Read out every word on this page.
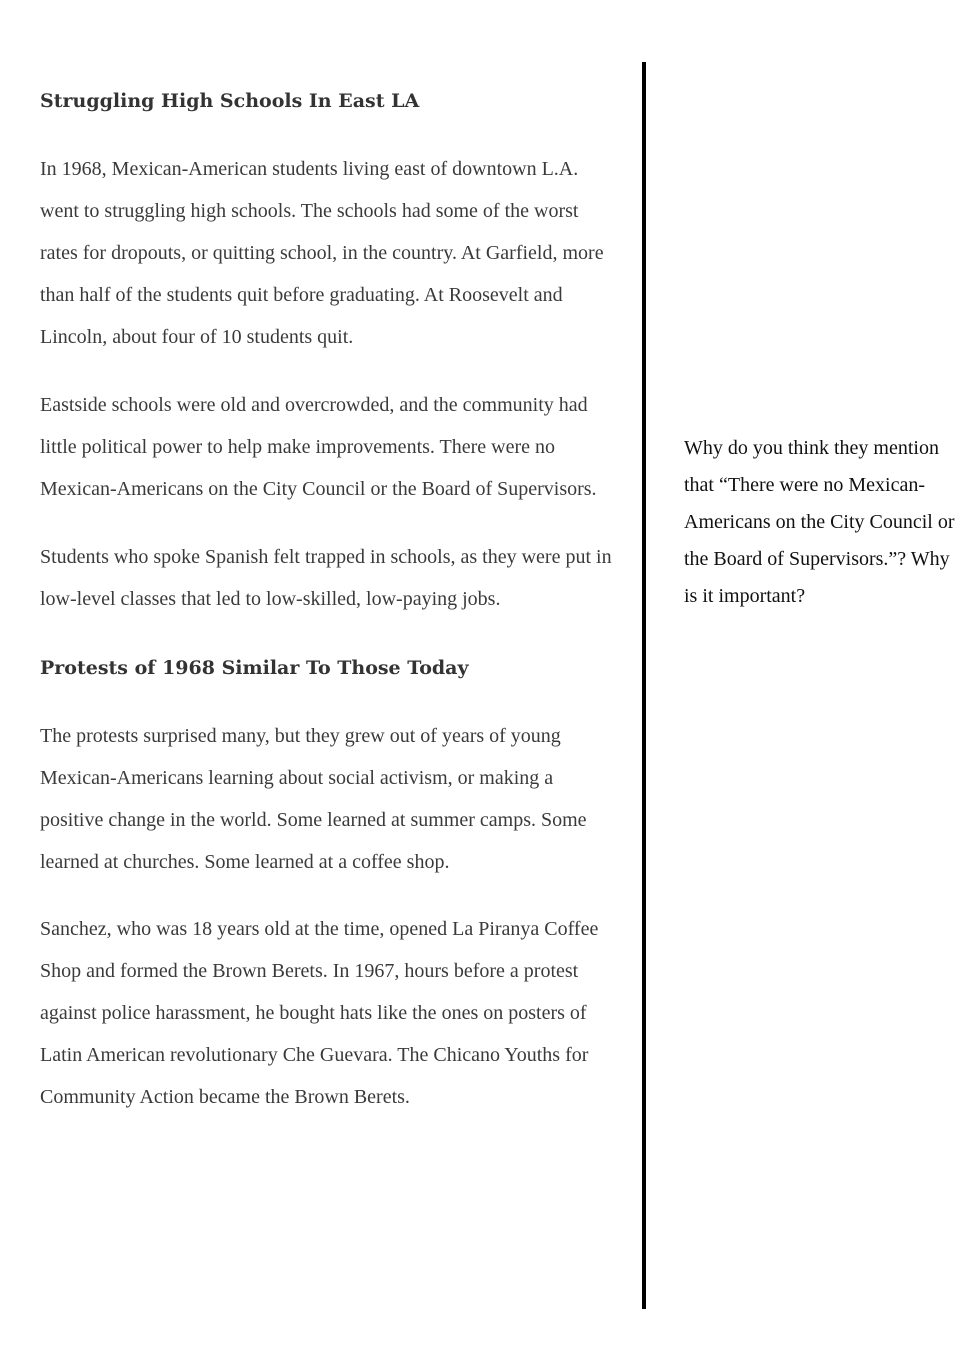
Struggling High Schools In East LA

In 1968, Mexican-American students living east of downtown L.A. went to struggling high schools. The schools had some of the worst rates for dropouts, or quitting school, in the country. At Garfield, more than half of the students quit before graduating. At Roosevelt and Lincoln, about four of 10 students quit.

Eastside schools were old and overcrowded, and the community had little political power to help make improvements. There were no Mexican-Americans on the City Council or the Board of Supervisors.

Students who spoke Spanish felt trapped in schools, as they were put in low-level classes that led to low-skilled, low-paying jobs.

Protests of 1968 Similar To Those Today

The protests surprised many, but they grew out of years of young Mexican-Americans learning about social activism, or making a positive change in the world. Some learned at summer camps. Some learned at churches. Some learned at a coffee shop.

Sanchez, who was 18 years old at the time, opened La Piranya Coffee Shop and formed the Brown Berets. In 1967, hours before a protest against police harassment, he bought hats like the ones on posters of Latin American revolutionary Che Guevara. The Chicano Youths for Community Action became the Brown Berets.

Why do you think they mention that “There were no Mexican-Americans on the City Council or the Board of Supervisors.”? Why is it important?
